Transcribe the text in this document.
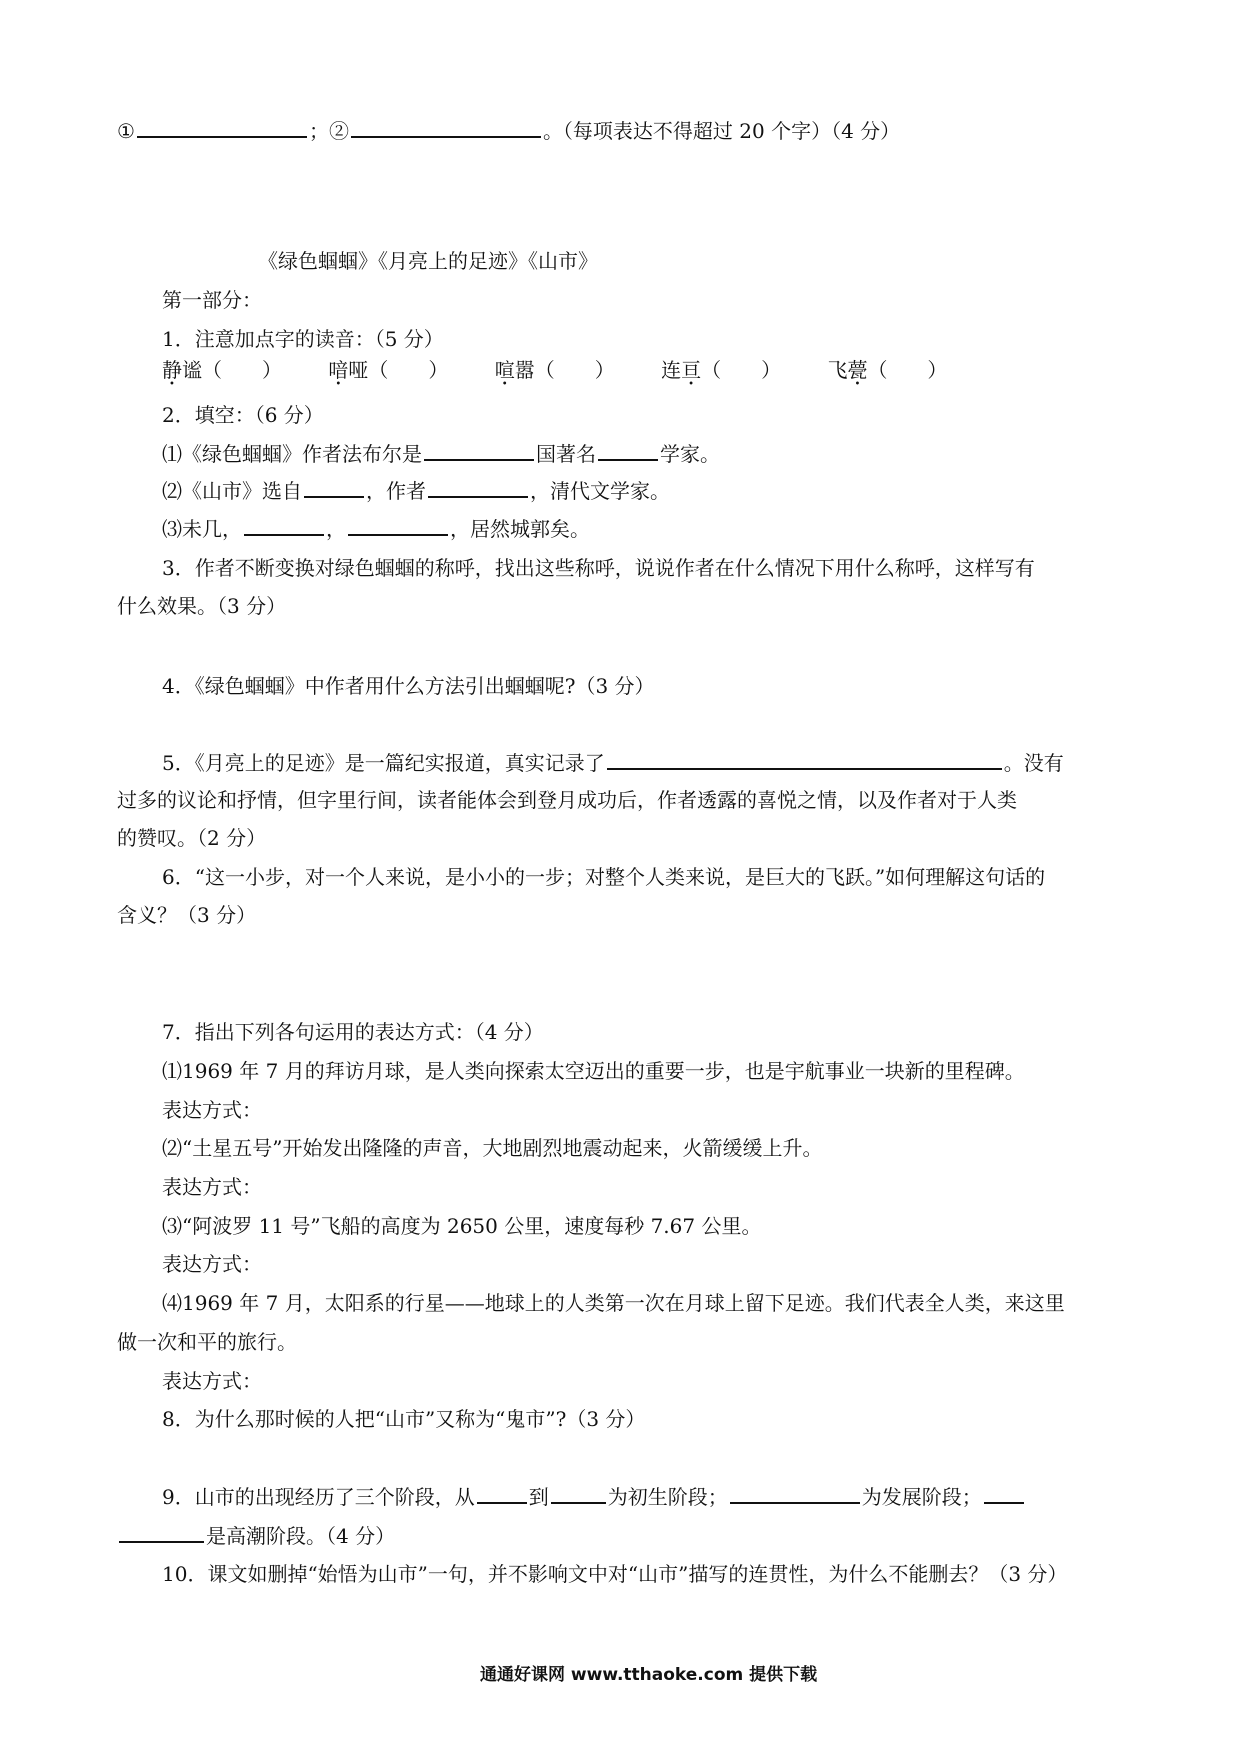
①	；②	。（每项表达不得超过 20 个字）（4 分）
《绿色蝈蝈》《月亮上的足迹》《山市》
第一部分：
1．注意加点字的读音：（5 分）
静谧（　　） 喑哑（　　） 喧嚣（　　） 连亘（　　） 飞甍（　　）
2．填空：（6 分）
⑴《绿色蝈蝈》作者法布尔是	国著名	学家。
⑵《山市》选自	，作者	，清代文学家。
⑶未几，	，	，居然城郭矣。
3．作者不断变换对绿色蝈蝈的称呼，找出这些称呼，说说作者在什么情况下用什么称呼，这样写有
什么效果。（3 分）
4．《绿色蝈蝈》中作者用什么方法引出蝈蝈呢?（3 分）
5．《月亮上的足迹》是一篇纪实报道，真实记录了	。没有
过多的议论和抒情，但字里行间，读者能体会到登月成功后，作者透露的喜悦之情，以及作者对于人类
的赞叹。（2 分）
6．“这一小步，对一个人来说，是小小的一步；对整个人类来说，是巨大的飞跃。”如何理解这句话的
含义？（3 分）
7．指出下列各句运用的表达方式：（4 分）
⑴1969 年 7 月的拜访月球，是人类向探索太空迈出的重要一步，也是宇航事业一块新的里程碑。
表达方式：
⑵“土星五号”开始发出隆隆的声音，大地剧烈地震动起来，火箭缓缓上升。
表达方式：
⑶“阿波罗 11 号”飞船的高度为 2650 公里，速度每秒 7.67 公里。
表达方式：
⑷1969 年 7 月，太阳系的行星——地球上的人类第一次在月球上留下足迹。我们代表全人类，来这里
做一次和平的旅行。
表达方式：
8．为什么那时候的人把“山市”又称为“鬼市”?（3 分）
9．山市的出现经历了三个阶段，从	到	为初生阶段；	为发展阶段；
是高潮阶段。（4 分）
10．课文如删掉“始悟为山市”一句，并不影响文中对“山市”描写的连贯性，为什么不能删去？（3 分）
通通好课网 www.tthaoke.com 提供下载
